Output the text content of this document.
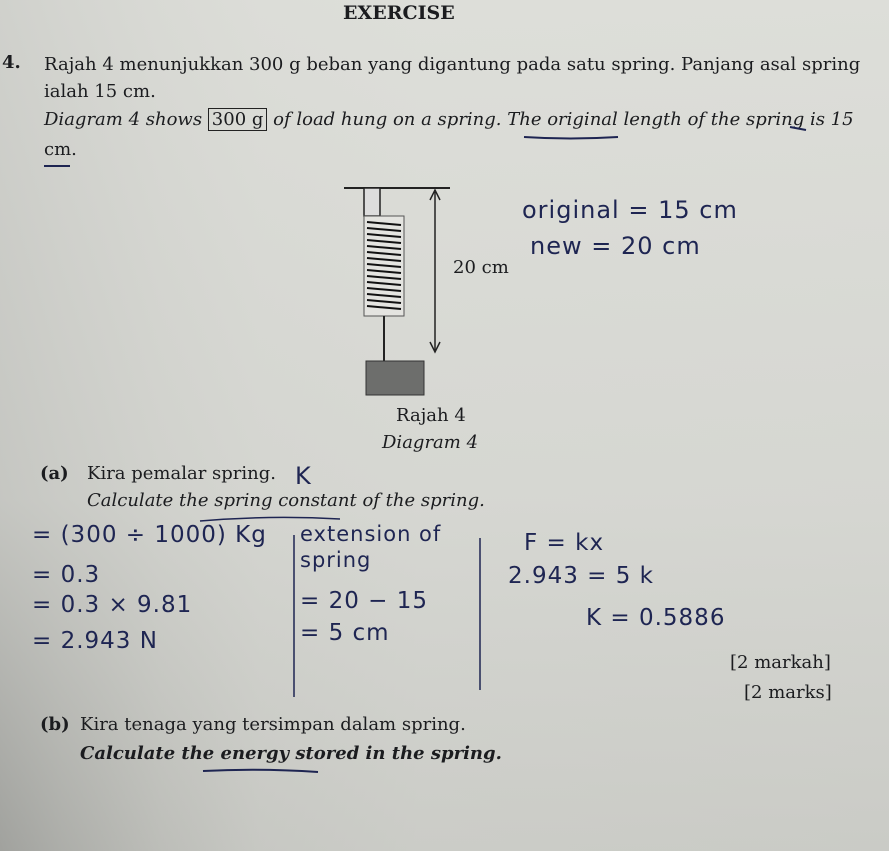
EXERCISE
4. Rajah 4 menunjukkan 300 g beban yang digantung pada satu spring. Panjang asal spring
ialah 15 cm.
Diagram 4 shows 300 g of load hung on a spring. The original length of the spring is 15
cm.
20 cm
Rajah 4
Diagram 4
original = 15 cm
new = 20 cm
(a) Kira pemalar spring. K
Calculate the spring constant of the spring.
= (300 ÷ 1000) Kg
= 0.3
= 0.3 × 9.81
= 2.943 N
extension of
spring
= 20 − 15
= 5 cm
F = kx
2.943 = 5 k
K = 0.5886
[2 markah]
[2 marks]
(b) Kira tenaga yang tersimpan dalam spring.
Calculate the energy stored in the spring.
